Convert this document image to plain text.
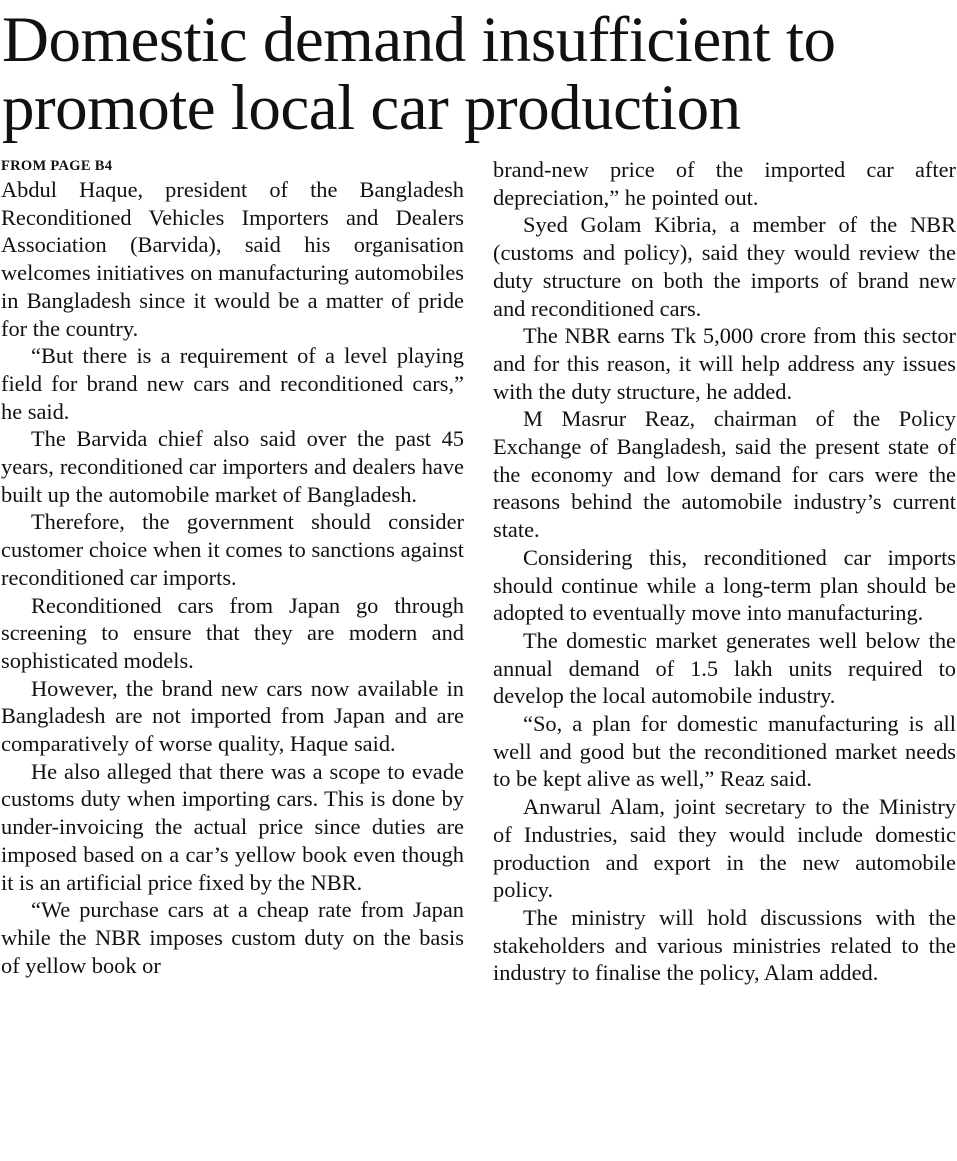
Domestic demand insufficient to promote local car production
FROM PAGE B4

Abdul Haque, president of the Bangladesh Reconditioned Vehicles Importers and Dealers Association (Barvida), said his organisation welcomes initiatives on manufacturing automobiles in Bangladesh since it would be a matter of pride for the country.

“But there is a requirement of a level playing field for brand new cars and reconditioned cars,” he said.

The Barvida chief also said over the past 45 years, reconditioned car importers and dealers have built up the automobile market of Bangladesh.

Therefore, the government should consider customer choice when it comes to sanctions against reconditioned car imports.

Reconditioned cars from Japan go through screening to ensure that they are modern and sophisticated models.

However, the brand new cars now available in Bangladesh are not imported from Japan and are comparatively of worse quality, Haque said.

He also alleged that there was a scope to evade customs duty when importing cars. This is done by under-invoicing the actual price since duties are imposed based on a car’s yellow book even though it is an artificial price fixed by the NBR.

“We purchase cars at a cheap rate from Japan while the NBR imposes custom duty on the basis of yellow book or

brand-new price of the imported car after depreciation,” he pointed out.

Syed Golam Kibria, a member of the NBR (customs and policy), said they would review the duty structure on both the imports of brand new and reconditioned cars.

The NBR earns Tk 5,000 crore from this sector and for this reason, it will help address any issues with the duty structure, he added.

M Masrur Reaz, chairman of the Policy Exchange of Bangladesh, said the present state of the economy and low demand for cars were the reasons behind the automobile industry’s current state.

Considering this, reconditioned car imports should continue while a long-term plan should be adopted to eventually move into manufacturing.

The domestic market generates well below the annual demand of 1.5 lakh units required to develop the local automobile industry.

“So, a plan for domestic manufacturing is all well and good but the reconditioned market needs to be kept alive as well,” Reaz said.

Anwarul Alam, joint secretary to the Ministry of Industries, said they would include domestic production and export in the new automobile policy.

The ministry will hold discussions with the stakeholders and various ministries related to the industry to finalise the policy, Alam added.
